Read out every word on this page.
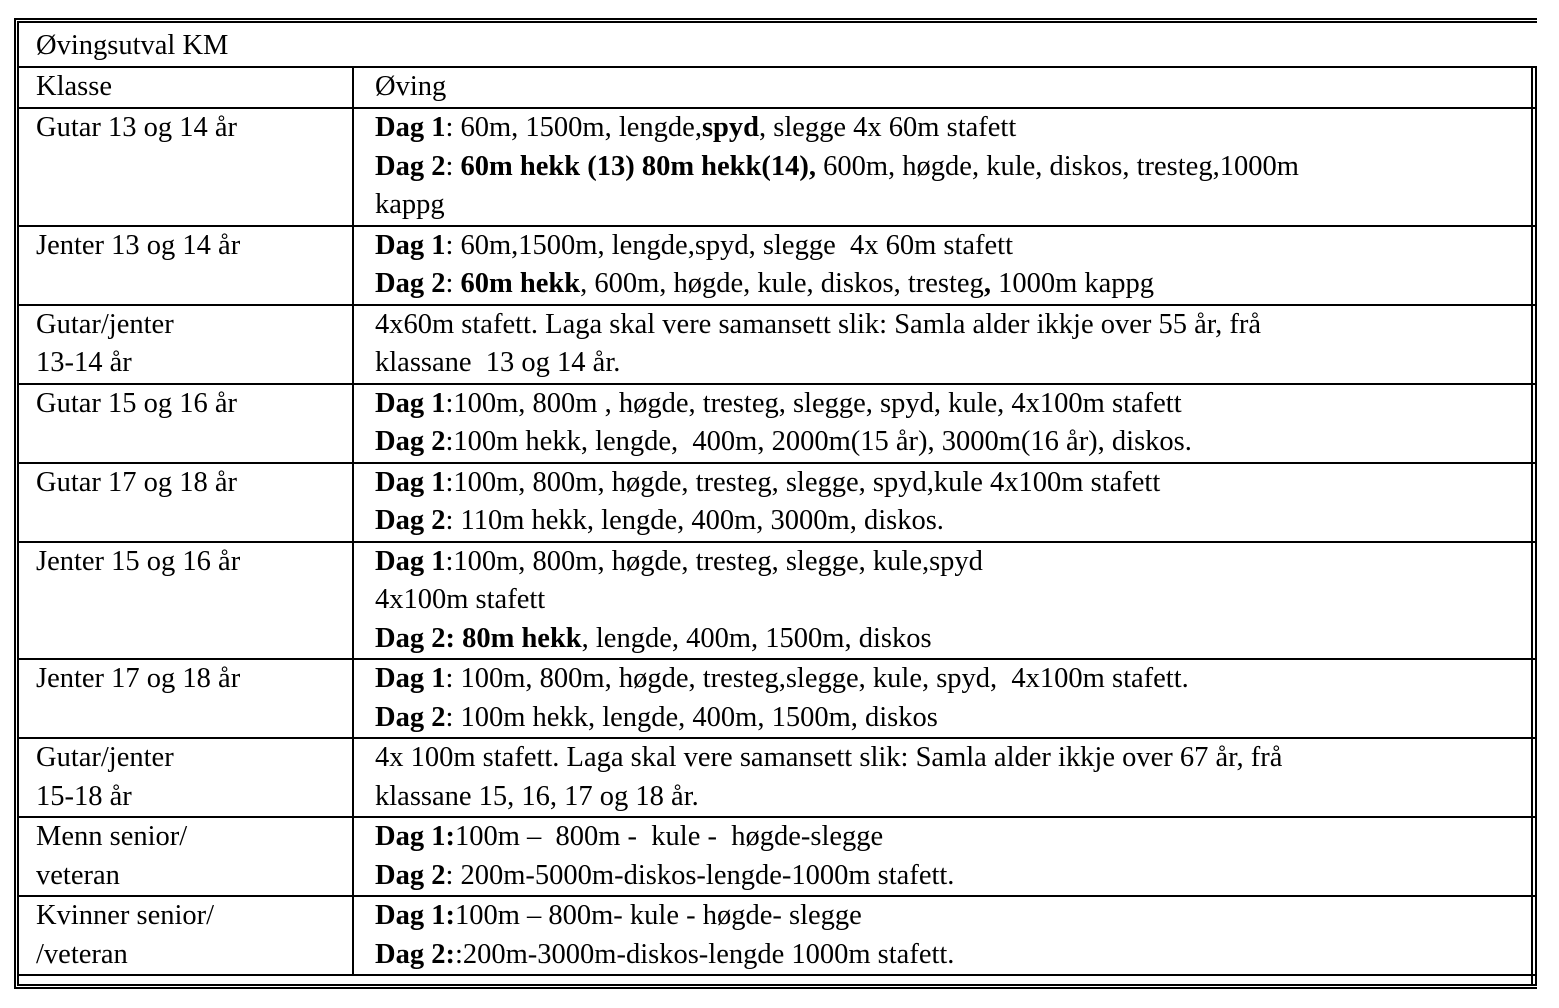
Øvingsutval KM
Klasse	Øving

Gutar 13 og 14 år	Dag 1: 60m, 1500m, lengde,spyd, slegge 4x 60m stafett
Dag 2: 60m hekk (13) 80m hekk(14), 600m, høgde, kule, diskos, tresteg,1000m
kappg

Jenter 13 og 14 år	Dag 1: 60m,1500m, lengde,spyd, slegge  4x 60m stafett
Dag 2: 60m hekk, 600m, høgde, kule, diskos, tresteg, 1000m kappg

Gutar/jenter
13-14 år	4x60m stafett. Laga skal vere samansett slik: Samla alder ikkje over 55 år, frå
klassane  13 og 14 år.

Gutar 15 og 16 år	Dag 1:100m, 800m , høgde, tresteg, slegge, spyd, kule, 4x100m stafett
Dag 2:100m hekk, lengde,  400m, 2000m(15 år), 3000m(16 år), diskos.

Gutar 17 og 18 år	Dag 1:100m, 800m, høgde, tresteg, slegge, spyd,kule 4x100m stafett
Dag 2: 110m hekk, lengde, 400m, 3000m, diskos.

Jenter 15 og 16 år	Dag 1:100m, 800m, høgde, tresteg, slegge, kule,spyd
4x100m stafett
Dag 2: 80m hekk, lengde, 400m, 1500m, diskos

Jenter 17 og 18 år	Dag 1: 100m, 800m, høgde, tresteg,slegge, kule, spyd,  4x100m stafett.
Dag 2: 100m hekk, lengde, 400m, 1500m, diskos

Gutar/jenter
15-18 år	4x 100m stafett. Laga skal vere samansett slik: Samla alder ikkje over 67 år, frå
klassane 15, 16, 17 og 18 år.

Menn senior/
veteran	Dag 1:100m –  800m -  kule -  høgde-slegge
Dag 2: 200m-5000m-diskos-lengde-1000m stafett.

Kvinner senior/
/veteran	Dag 1:100m – 800m- kule - høgde- slegge
Dag 2::200m-3000m-diskos-lengde 1000m stafett.
